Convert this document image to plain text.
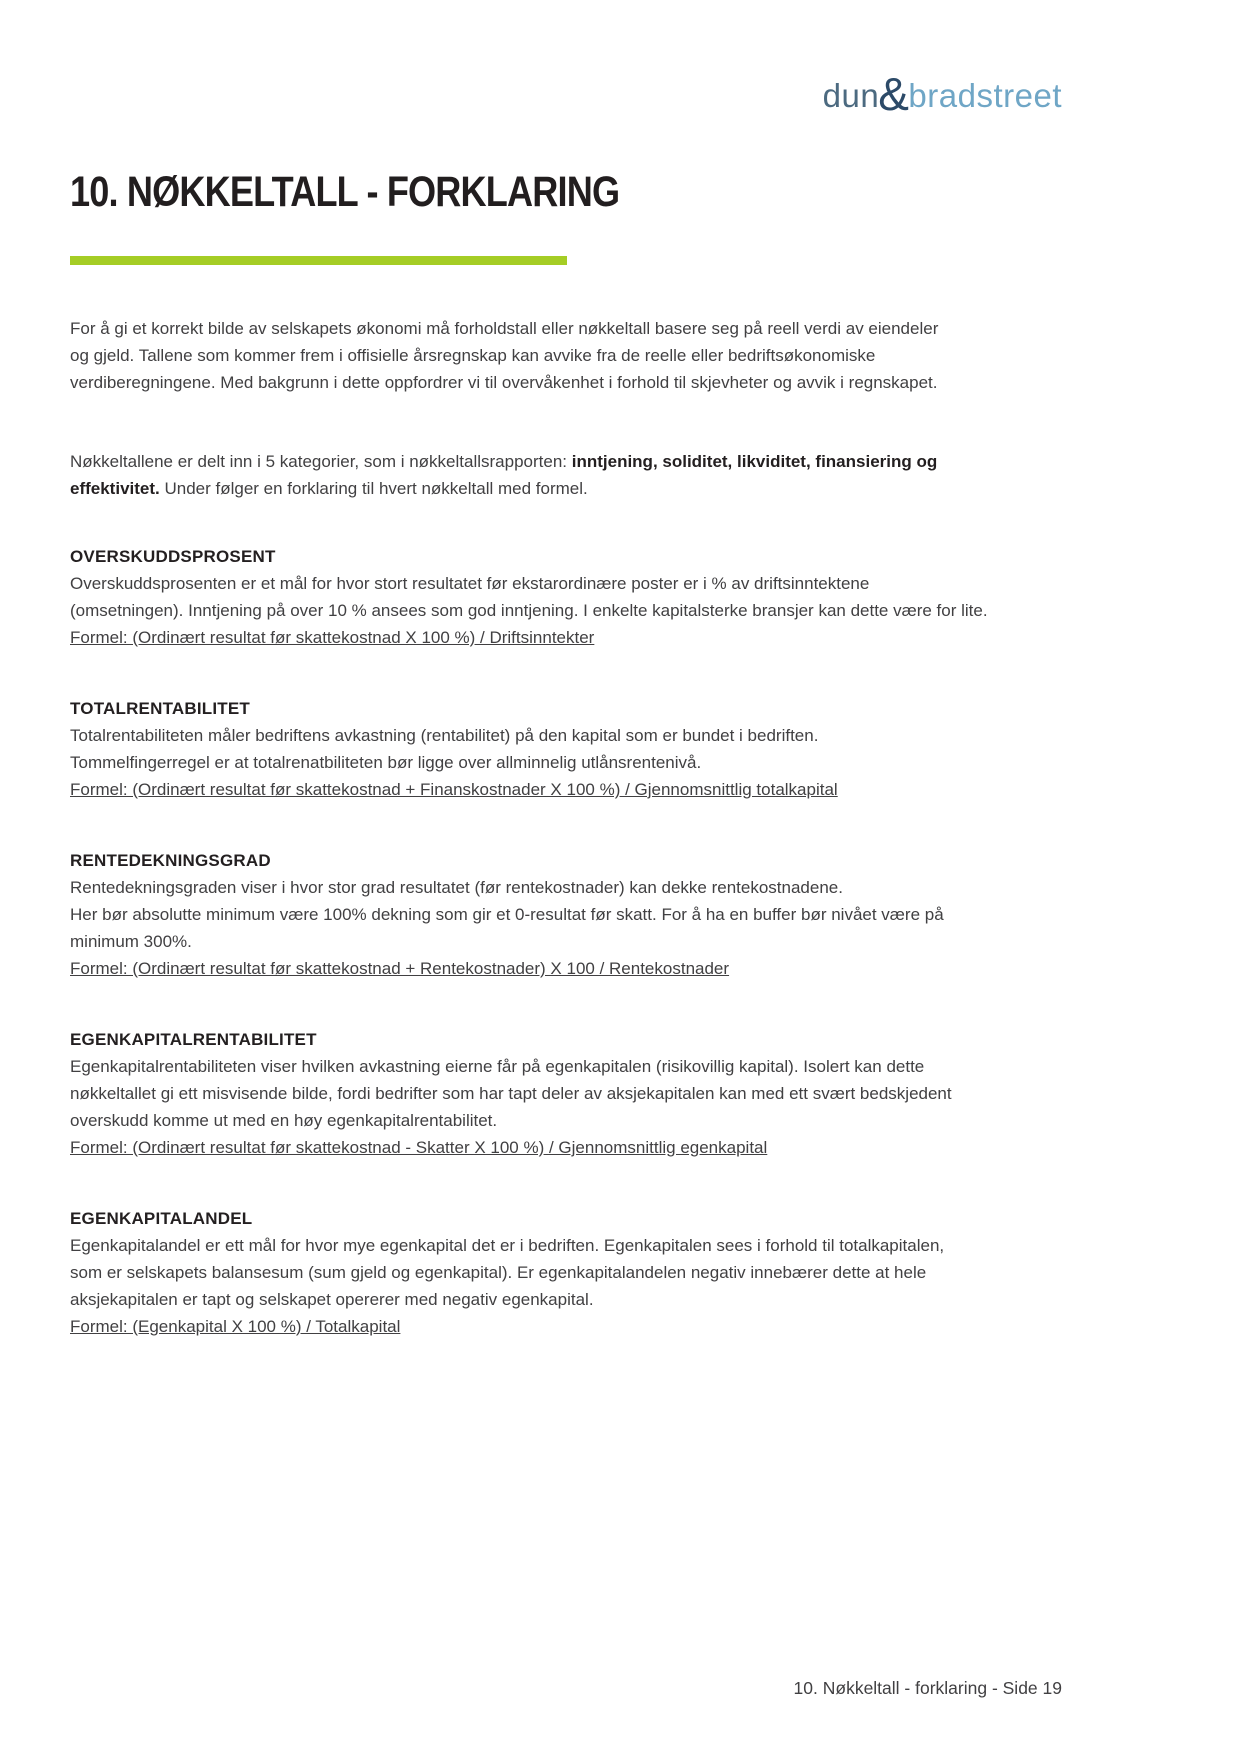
dun & bradstreet
10. NØKKELTALL - FORKLARING

For å gi et korrekt bilde av selskapets økonomi må forholdstall eller nøkkeltall basere seg på reell verdi av eiendeler
og gjeld. Tallene som kommer frem i offisielle årsregnskap kan avvike fra de reelle eller bedriftsøkonomiske
verdiberegningene. Med bakgrunn i dette oppfordrer vi til overvåkenhet i forhold til skjevheter og avvik i regnskapet.

Nøkkeltallene er delt inn i 5 kategorier, som i nøkkeltallsrapporten: inntjening, soliditet, likviditet, finansiering og
effektivitet. Under følger en forklaring til hvert nøkkeltall med formel.

OVERSKUDDSPROSENT

Overskuddsprosenten er et mål for hvor stort resultatet før ekstarordinære poster er i % av driftsinntektene
(omsetningen). Inntjening på over 10 % ansees som god inntjening. I enkelte kapitalsterke bransjer kan dette være for lite.

Formel: (Ordinært resultat før skattekostnad X 100 %) / Driftsinntekter

TOTALRENTABILITET

Totalrentabiliteten måler bedriftens avkastning (rentabilitet) på den kapital som er bundet i bedriften.
Tommelfingerregel er at totalrenatbiliteten bør ligge over allminnelig utlånsrentenivå.

Formel: (Ordinært resultat før skattekostnad + Finanskostnader X 100 %) / Gjennomsnittlig totalkapital

RENTEDEKNINGSGRAD

Rentedekningsgraden viser i hvor stor grad resultatet (før rentekostnader) kan dekke rentekostnadene.
Her bør absolutte minimum være 100% dekning som gir et 0-resultat før skatt. For å ha en buffer bør nivået være på
minimum 300%.

Formel: (Ordinært resultat før skattekostnad + Rentekostnader) X 100 / Rentekostnader

EGENKAPITALRENTABILITET

Egenkapitalrentabiliteten viser hvilken avkastning eierne får på egenkapitalen (risikovillig kapital). Isolert kan dette
nøkkeltallet gi ett misvisende bilde, fordi bedrifter som har tapt deler av aksjekapitalen kan med ett svært bedskjedent
overskudd komme ut med en høy egenkapitalrentabilitet.

Formel: (Ordinært resultat før skattekostnad - Skatter X 100 %) / Gjennomsnittlig egenkapital

EGENKAPITALANDEL

Egenkapitalandel er ett mål for hvor mye egenkapital det er i bedriften. Egenkapitalen sees i forhold til totalkapitalen,
som er selskapets balansesum (sum gjeld og egenkapital). Er egenkapitalandelen negativ innebærer dette at hele
aksjekapitalen er tapt og selskapet opererer med negativ egenkapital.

Formel: (Egenkapital X 100 %) / Totalkapital

10. Nøkkeltall - forklaring - Side 19
